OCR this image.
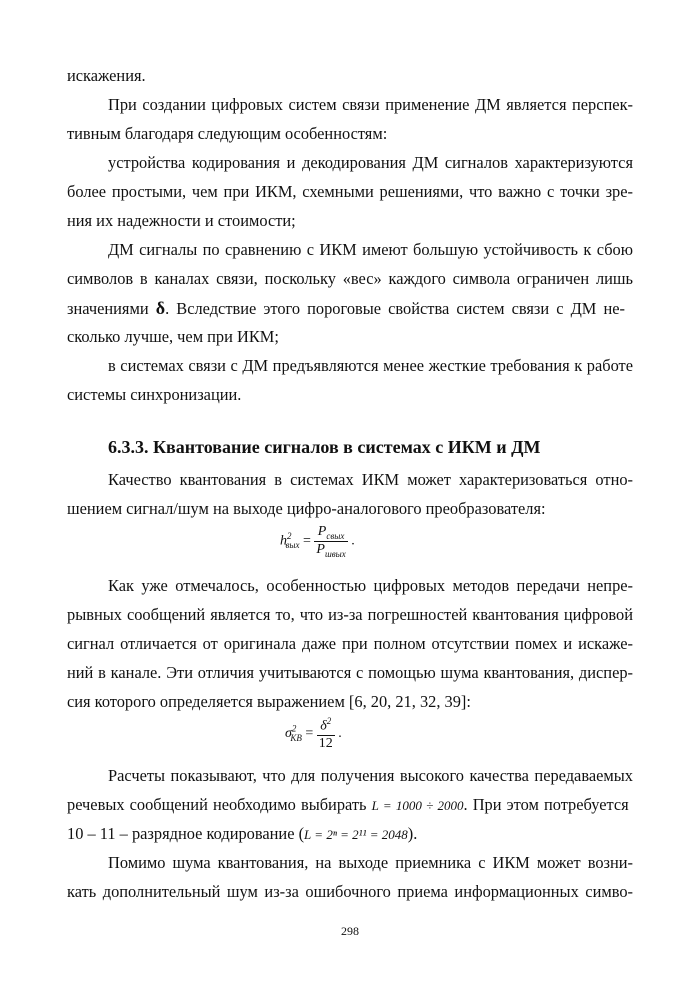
искажения.
При создании цифровых систем связи применение ДМ является перспек-
тивным благодаря следующим особенностям:
устройства кодирования и декодирования ДМ сигналов характеризуются
более простыми, чем при ИКМ, схемными решениями, что важно с точки зре-
ния их надежности и стоимости;
ДМ сигналы по сравнению с ИКМ имеют большую устойчивость к сбою
символов в каналах связи, поскольку «вес» каждого символа ограничен лишь
значениями δ. Вследствие этого пороговые свойства систем связи с ДМ не-
сколько лучше, чем при ИКМ;
в системах связи с ДМ предъявляются менее жесткие требования к работе
системы синхронизации.
6.3.3. Квантование сигналов в системах с ИКМ и ДМ
Качество квантования в системах ИКМ может характеризоваться отно-
шением сигнал/шум на выходе цифро-аналогового преобразователя:
$h^2_{вых} = \frac{P_{свых}}{P_{швых}}$ .
Как уже отмечалось, особенностью цифровых методов передачи непре-
рывных сообщений является то, что из-за погрешностей квантования цифровой
сигнал отличается от оригинала даже при полном отсутствии помех и искаже-
ний в канале. Эти отличия учитываются с помощью шума квантования, диспер-
сия которого определяется выражением [6, 20, 21, 32, 39]:
$\sigma^2_{КВ} = \frac{\delta^2}{12}$ .
Расчеты показывают, что для получения высокого качества передаваемых
речевых сообщений необходимо выбирать L = 1000 ÷ 2000. При этом потребуется
10 – 11 – разрядное кодирование (L = 2ⁿ = 2¹¹ = 2048).
Помимо шума квантования, на выходе приемника с ИКМ может возни-
кать дополнительный шум из-за ошибочного приема информационных симво-
298
